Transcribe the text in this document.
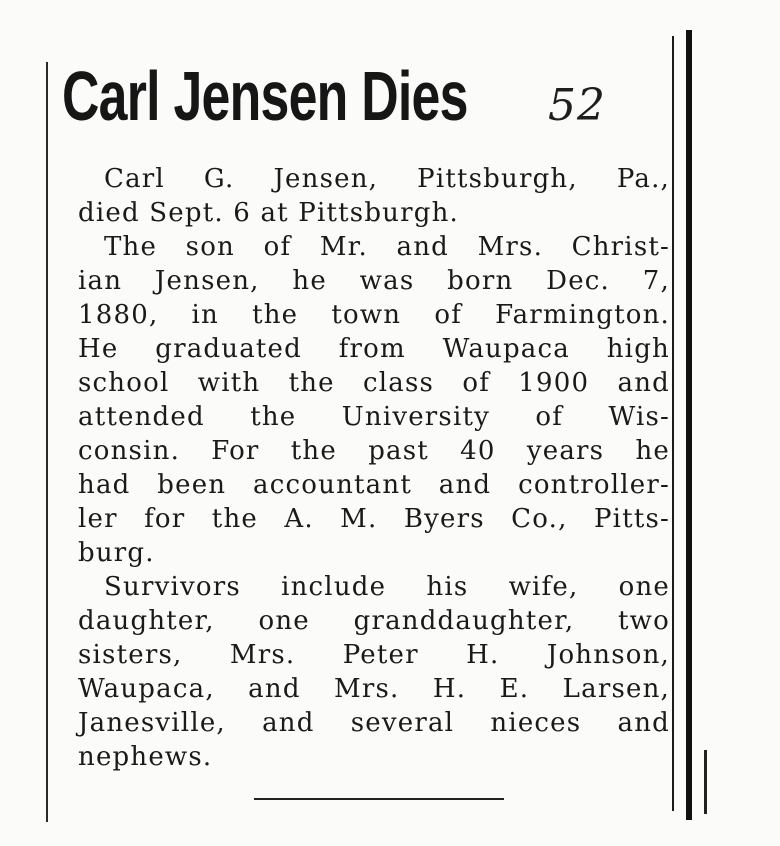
Carl Jensen Dies 52
Carl G. Jensen, Pittsburgh, Pa.,
died Sept. 6 at Pittsburgh.
The son of Mr. and Mrs. Christ-
ian Jensen, he was born Dec. 7,
1880, in the town of Farmington.
He graduated from Waupaca high
school with the class of 1900 and
attended the University of Wis-
consin. For the past 40 years he
had been accountant and controller-
ler for the A. M. Byers Co., Pitts-
burg.
Survivors include his wife, one
daughter, one granddaughter, two
sisters, Mrs. Peter H. Johnson,
Waupaca, and Mrs. H. E. Larsen,
Janesville, and several nieces and
nephews.
